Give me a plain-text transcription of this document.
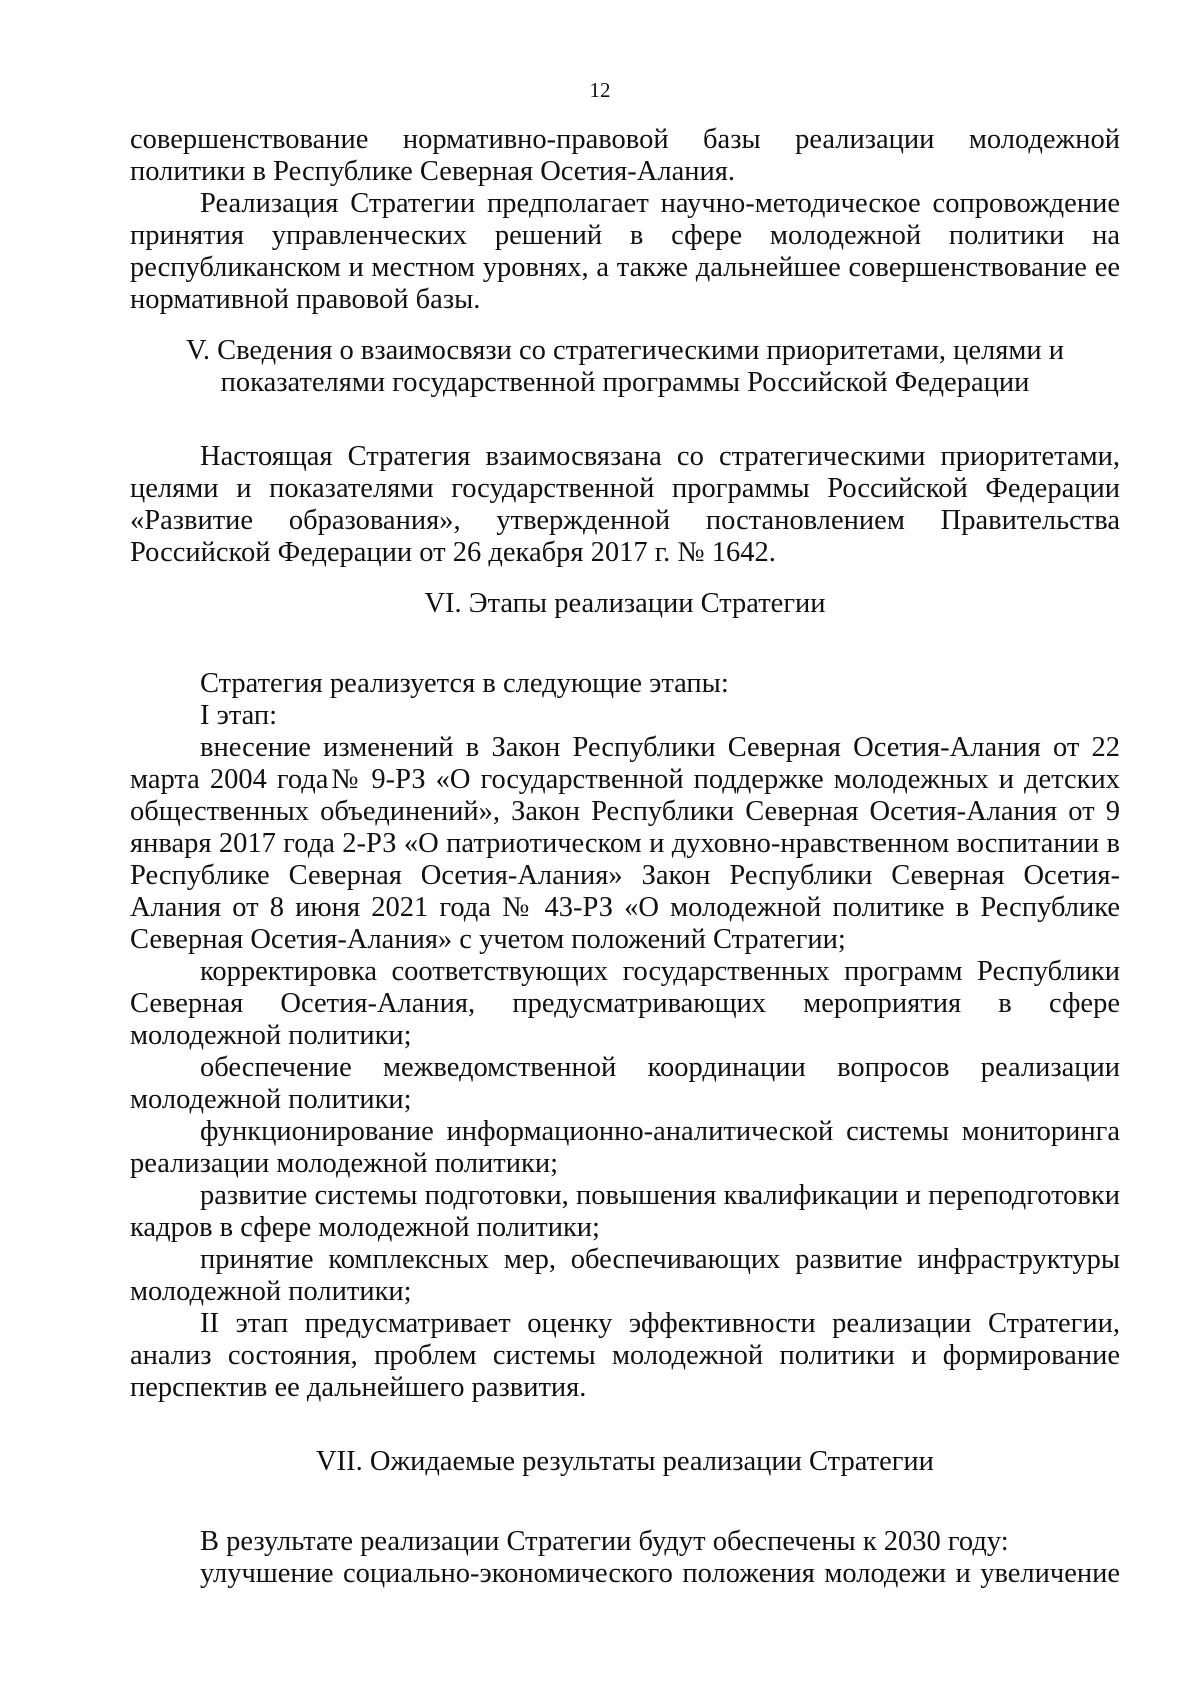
12

совершенствование нормативно-правовой базы реализации молодежной политики в Республике Северная Осетия-Алания.

Реализация Стратегии предполагает научно-методическое сопровождение принятия управленческих решений в сфере молодежной политики на республиканском и местном уровнях, а также дальнейшее совершенствование ее нормативной правовой базы.

V. Сведения о взаимосвязи со стратегическими приоритетами, целями и показателями государственной программы Российской Федерации

Настоящая Стратегия взаимосвязана со стратегическими приоритетами, целями и показателями государственной программы Российской Федерации «Развитие образования», утвержденной постановлением Правительства Российской Федерации от 26 декабря 2017 г. № 1642.

VI. Этапы реализации Стратегии

Стратегия реализуется в следующие этапы:

I этап:

внесение изменений в Закон Республики Северная Осетия-Алания от 22 марта 2004 года№ 9-РЗ «О государственной поддержке молодежных и детских общественных объединений», Закон Республики Северная Осетия-Алания от 9 января 2017 года 2-РЗ «О патриотическом и духовно-нравственном воспитании в Республике Северная Осетия-Алания» Закон Республики Северная Осетия-Алания от 8 июня 2021 года № 43-РЗ «О молодежной политике в Республике Северная Осетия-Алания» с учетом положений Стратегии;

корректировка соответствующих государственных программ Республики Северная Осетия-Алания, предусматривающих мероприятия в сфере молодежной политики;

обеспечение межведомственной координации вопросов реализации молодежной политики;

функционирование информационно-аналитической системы мониторинга реализации молодежной политики;

развитие системы подготовки, повышения квалификации и переподготовки кадров в сфере молодежной политики;

принятие комплексных мер, обеспечивающих развитие инфраструктуры молодежной политики;

II этап предусматривает оценку эффективности реализации Стратегии, анализ состояния, проблем системы молодежной политики и формирование перспектив ее дальнейшего развития.

VII. Ожидаемые результаты реализации Стратегии

В результате реализации Стратегии будут обеспечены к 2030 году:

улучшение социально-экономического положения молодежи и увеличение
